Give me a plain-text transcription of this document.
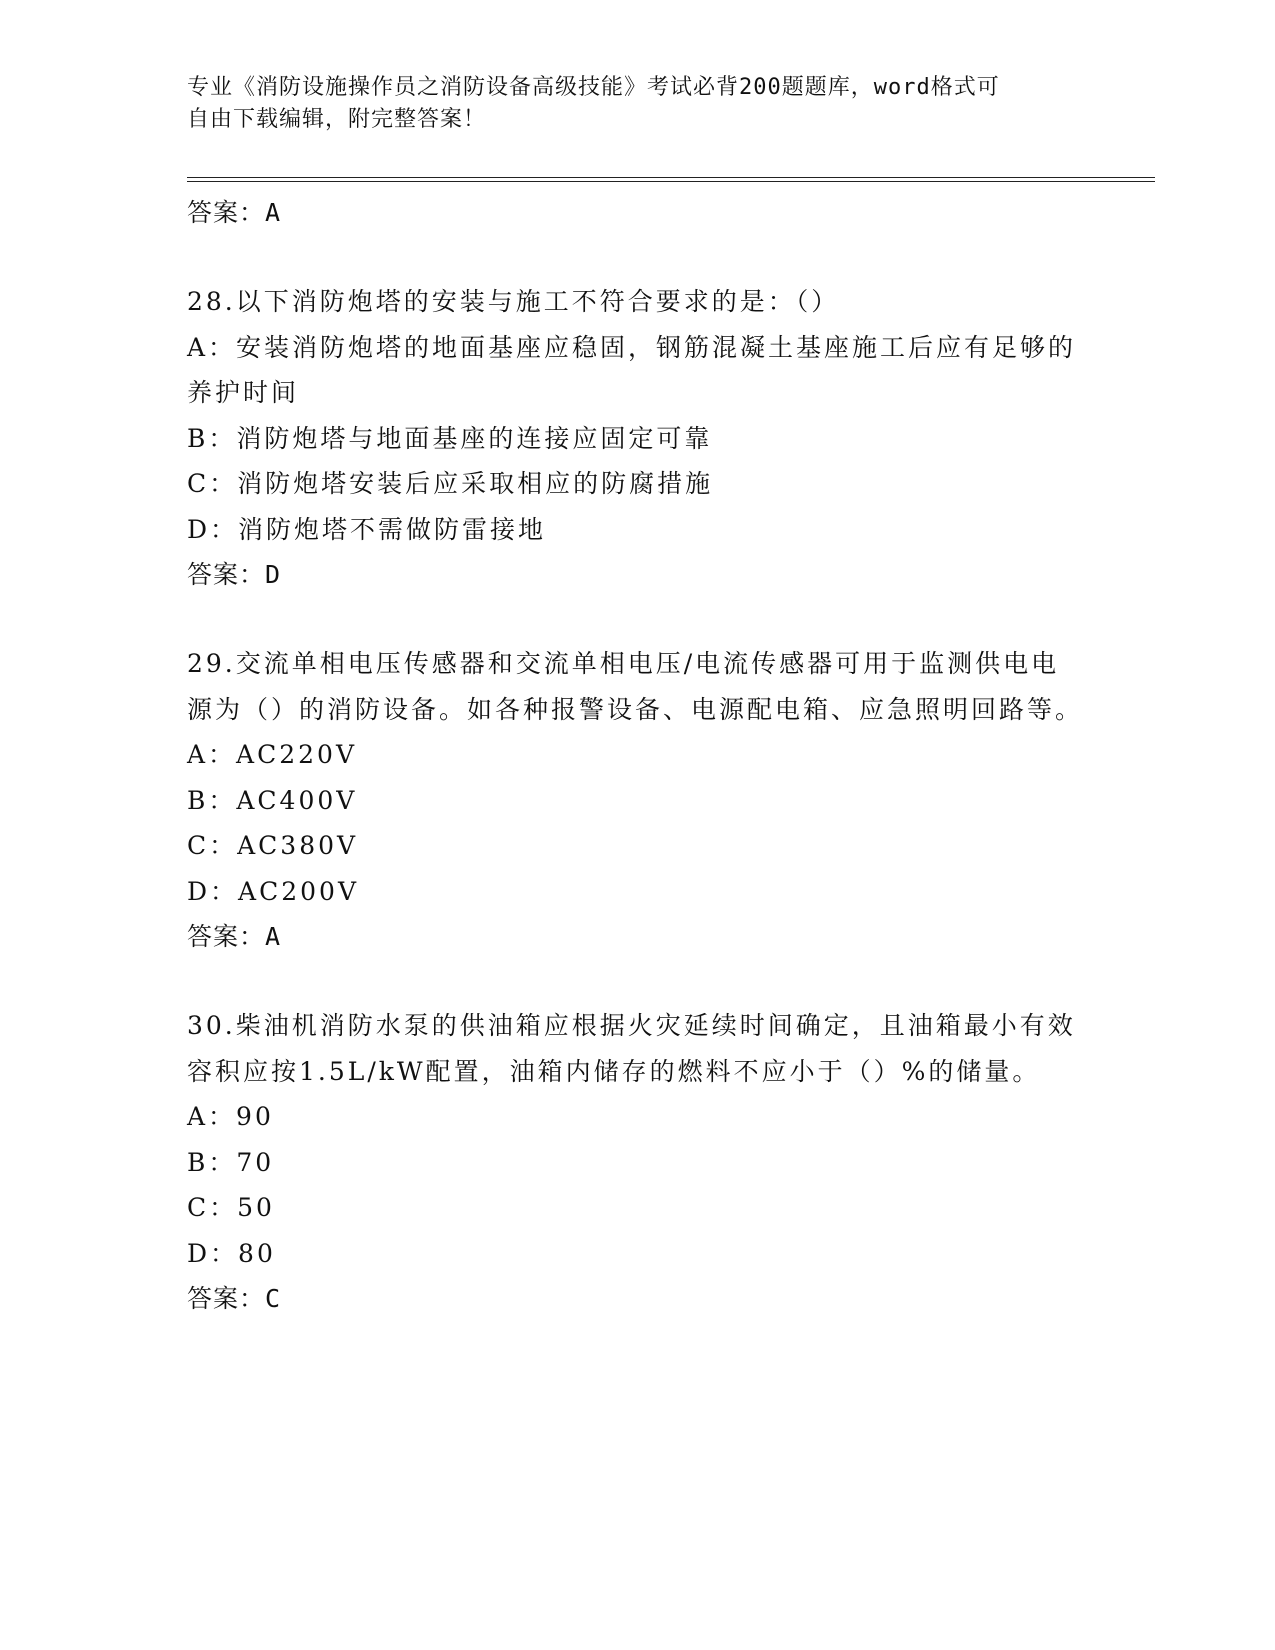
专业《消防设施操作员之消防设备高级技能》考试必背200题题库，word格式可
自由下载编辑，附完整答案！
答案：A
28.以下消防炮塔的安装与施工不符合要求的是：（）
A：安装消防炮塔的地面基座应稳固，钢筋混凝土基座施工后应有足够的养护时间
B：消防炮塔与地面基座的连接应固定可靠
C：消防炮塔安装后应采取相应的防腐措施
D：消防炮塔不需做防雷接地
答案：D
29.交流单相电压传感器和交流单相电压/电流传感器可用于监测供电电源为（）的消防设备。如各种报警设备、电源配电箱、应急照明回路等。
A：AC220V
B：AC400V
C：AC380V
D：AC200V
答案：A
30.柴油机消防水泵的供油箱应根据火灾延续时间确定，且油箱最小有效容积应按1.5L/kW配置，油箱内储存的燃料不应小于（）%的储量。
A：90
B：70
C：50
D：80
答案：C
